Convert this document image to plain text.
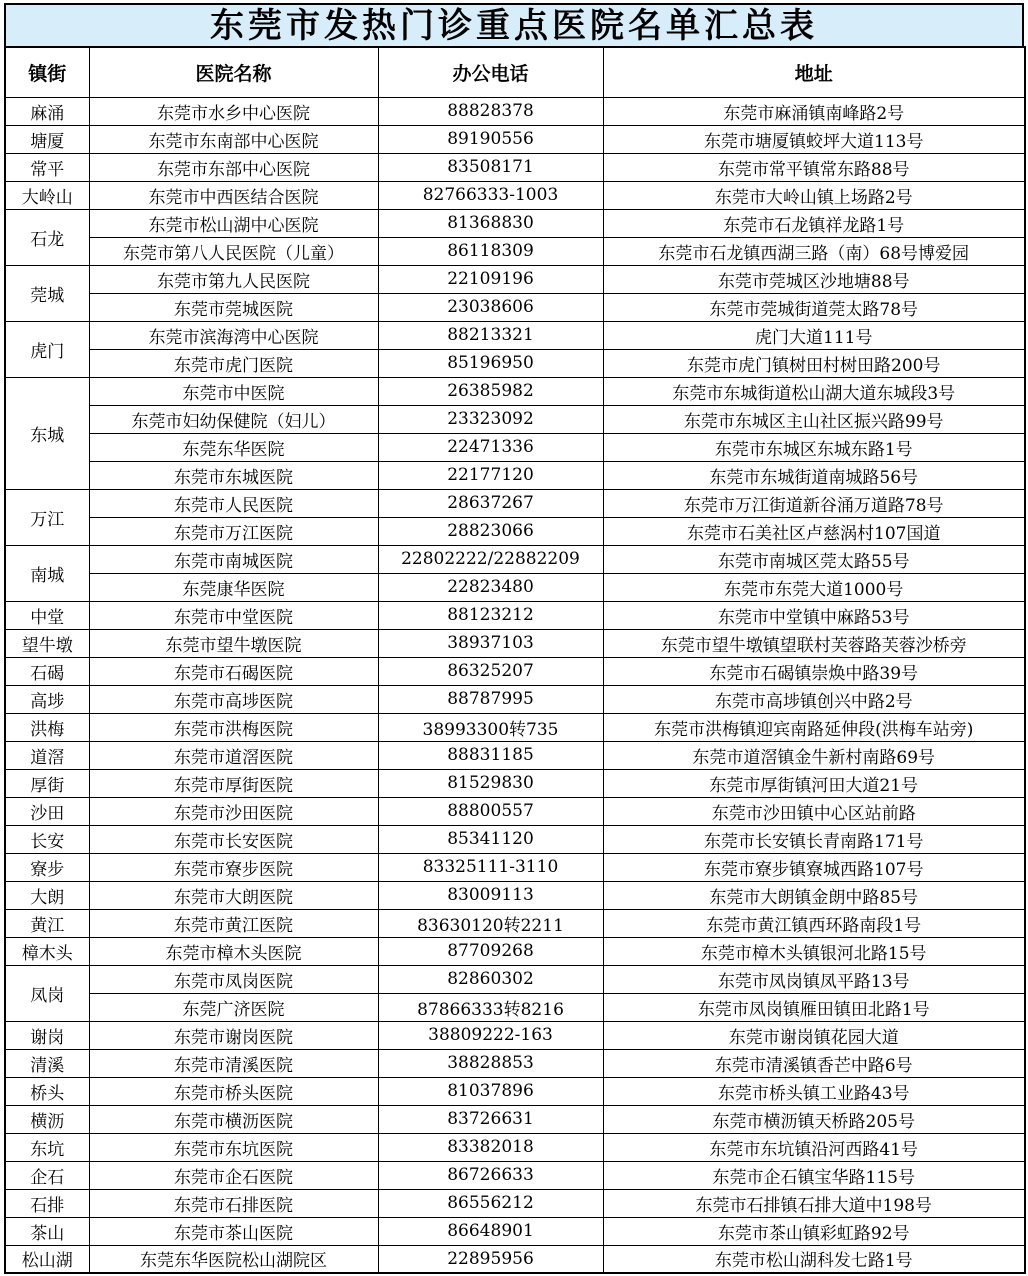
东莞市发热门诊重点医院名单汇总表
镇街	医院名称	办公电话	地址
麻涌	东莞市水乡中心医院	88828378	东莞市麻涌镇南峰路2号
塘厦	东莞市东南部中心医院	89190556	东莞市塘厦镇蛟坪大道113号
常平	东莞市东部中心医院	83508171	东莞市常平镇常东路88号
大岭山	东莞市中西医结合医院	82766333-1003	东莞市大岭山镇上场路2号
石龙	东莞市松山湖中心医院	81368830	东莞市石龙镇祥龙路1号
	东莞市第八人民医院（儿童）	86118309	东莞市石龙镇西湖三路（南）68号博爱园
莞城	东莞市第九人民医院	22109196	东莞市莞城区沙地塘88号
	东莞市莞城医院	23038606	东莞市莞城街道莞太路78号
虎门	东莞市滨海湾中心医院	88213321	虎门大道111号
	东莞市虎门医院	85196950	东莞市虎门镇树田村树田路200号
东城	东莞市中医院	26385982	东莞市东城街道松山湖大道东城段3号
	东莞市妇幼保健院（妇儿）	23323092	东莞市东城区主山社区振兴路99号
	东莞东华医院	22471336	东莞市东城区东城东路1号
	东莞市东城医院	22177120	东莞市东城街道南城路56号
万江	东莞市人民医院	28637267	东莞市万江街道新谷涌万道路78号
	东莞市万江医院	28823066	东莞市石美社区卢慈涡村107国道
南城	东莞市南城医院	22802222/22882209	东莞市南城区莞太路55号
	东莞康华医院	22823480	东莞市东莞大道1000号
中堂	东莞市中堂医院	88123212	东莞市中堂镇中麻路53号
望牛墩	东莞市望牛墩医院	38937103	东莞市望牛墩镇望联村芙蓉路芙蓉沙桥旁
石碣	东莞市石碣医院	86325207	东莞市石碣镇崇焕中路39号
高埗	东莞市高埗医院	88787995	东莞市高埗镇创兴中路2号
洪梅	东莞市洪梅医院	38993300转735	东莞市洪梅镇迎宾南路延伸段(洪梅车站旁)
道滘	东莞市道滘医院	88831185	东莞市道滘镇金牛新村南路69号
厚街	东莞市厚街医院	81529830	东莞市厚街镇河田大道21号
沙田	东莞市沙田医院	88800557	东莞市沙田镇中心区站前路
长安	东莞市长安医院	85341120	东莞市长安镇长青南路171号
寮步	东莞市寮步医院	83325111-3110	东莞市寮步镇寮城西路107号
大朗	东莞市大朗医院	83009113	东莞市大朗镇金朗中路85号
黄江	东莞市黄江医院	83630120转2211	东莞市黄江镇西环路南段1号
樟木头	东莞市樟木头医院	87709268	东莞市樟木头镇银河北路15号
凤岗	东莞市凤岗医院	82860302	东莞市凤岗镇凤平路13号
	东莞广济医院	87866333转8216	东莞市凤岗镇雁田镇田北路1号
谢岗	东莞市谢岗医院	38809222-163	东莞市谢岗镇花园大道
清溪	东莞市清溪医院	38828853	东莞市清溪镇香芒中路6号
桥头	东莞市桥头医院	81037896	东莞市桥头镇工业路43号
横沥	东莞市横沥医院	83726631	东莞市横沥镇天桥路205号
东坑	东莞市东坑医院	83382018	东莞市东坑镇沿河西路41号
企石	东莞市企石医院	86726633	东莞市企石镇宝华路115号
石排	东莞市石排医院	86556212	东莞市石排镇石排大道中198号
茶山	东莞市茶山医院	86648901	东莞市茶山镇彩虹路92号
松山湖	东莞东华医院松山湖院区	22895956	东莞市松山湖科发七路1号
